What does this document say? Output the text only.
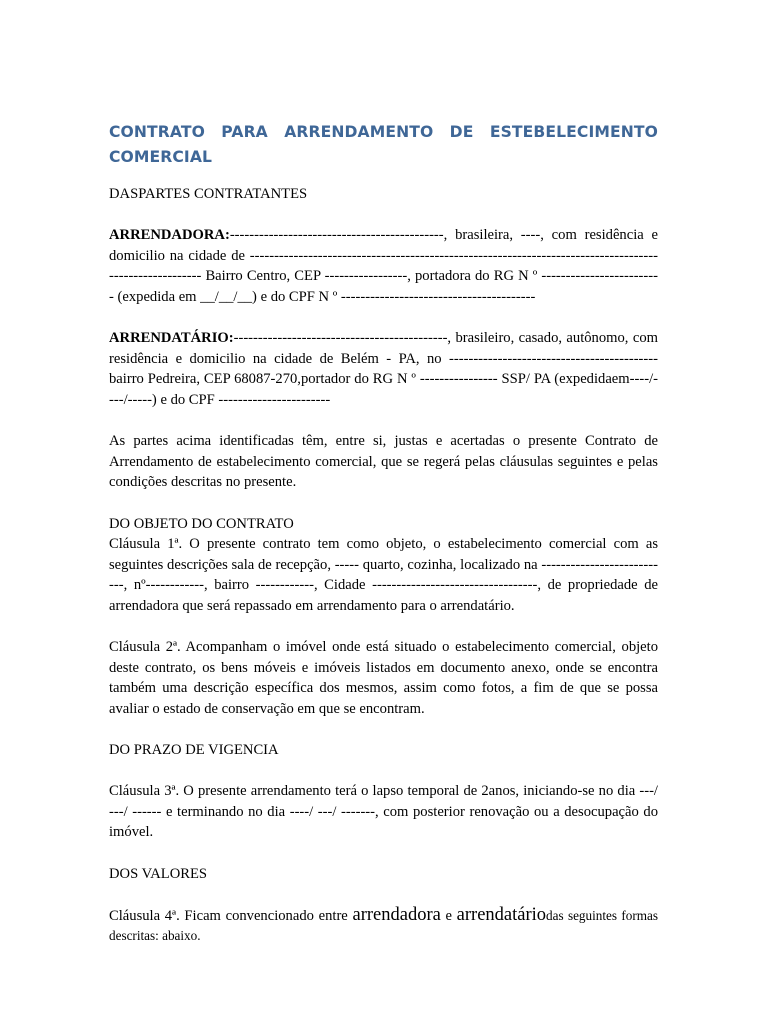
CONTRATO PARA ARRENDAMENTO DE ESTEBELECIMENTO
COMERCIAL
DASPARTES CONTRATANTES

ARRENDADORA:--------------------------------------------, brasileira, ----, com residência e domicilio na cidade de ------------------------------------------------------------------------------------------------------- Bairro Centro, CEP -----------------, portadora do RG N º ------------------------- (expedida em __/__/__) e do CPF N º ----------------------------------------

ARRENDATÁRIO:--------------------------------------------, brasileiro, casado, autônomo, com residência e domicilio na cidade de Belém - PA, no ------------------------------------------- bairro Pedreira, CEP 68087-270,portador do RG N º ---------------- SSP/ PA (expedidaem----/----/-----) e do CPF -----------------------

As partes acima identificadas têm, entre si, justas e acertadas o presente Contrato de Arrendamento de estabelecimento comercial, que se regerá pelas cláusulas seguintes e pelas condições descritas no presente.

DO OBJETO DO CONTRATO

Cláusula 1ª. O presente contrato tem como objeto, o estabelecimento comercial com as seguintes descrições sala de recepção, ----- quarto, cozinha, localizado na ---------------------------, nº------------, bairro ------------, Cidade ----------------------------------, de propriedade de arrendadora que será repassado em arrendamento para o arrendatário.

Cláusula 2ª. Acompanham o imóvel onde está situado o estabelecimento comercial, objeto deste contrato, os bens móveis e imóveis listados em documento anexo, onde se encontra também uma descrição específica dos mesmos, assim como fotos, a fim de que se possa avaliar o estado de conservação em que se encontram.

DO PRAZO DE VIGENCIA

Cláusula 3ª. O presente arrendamento terá o lapso temporal de 2anos, iniciando-se no dia ---/ ---/ ------ e terminando no dia ----/ ---/ -------, com posterior renovação ou a desocupação do imóvel.

DOS VALORES

Cláusula 4ª. Ficam convencionado entre arrendadora e arrendatáriodas seguintes formas descritas: abaixo.
